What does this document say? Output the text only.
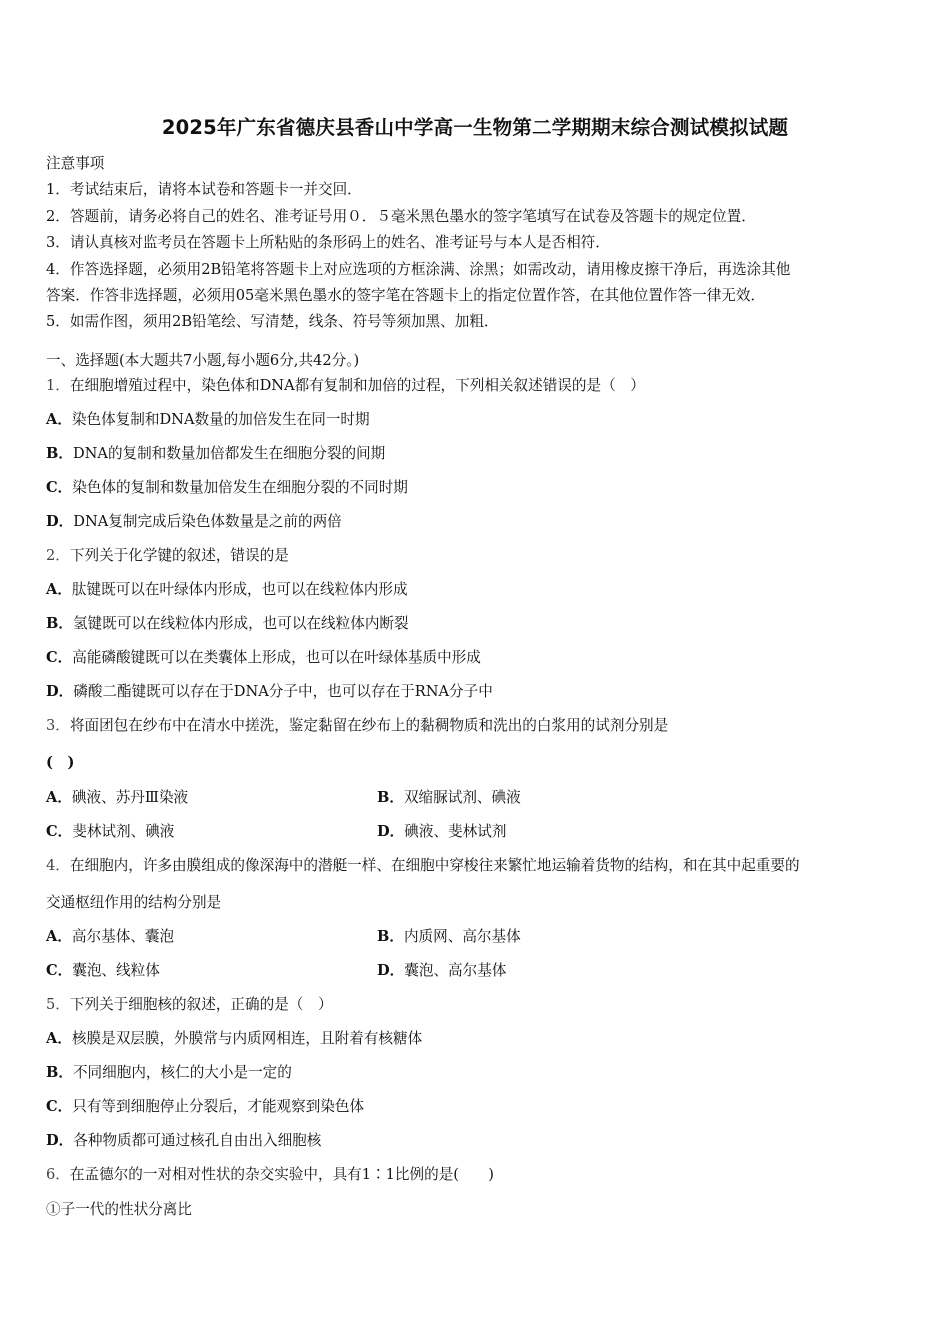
2025年广东省德庆县香山中学高一生物第二学期期末综合测试模拟试题
注意事项
1．考试结束后，请将本试卷和答题卡一并交回．
2．答题前，请务必将自己的姓名、准考证号用０．５毫米黑色墨水的签字笔填写在试卷及答题卡的规定位置．
3．请认真核对监考员在答题卡上所粘贴的条形码上的姓名、准考证号与本人是否相符．
4．作答选择题，必须用2B铅笔将答题卡上对应选项的方框涂满、涂黑；如需改动，请用橡皮擦干净后，再选涂其他
答案．作答非选择题，必须用05毫米黑色墨水的签字笔在答题卡上的指定位置作答，在其他位置作答一律无效．
5．如需作图，须用2B铅笔绘、写清楚，线条、符号等须加黑、加粗．
一、选择题(本大题共7小题,每小题6分,共42分。)
1．在细胞增殖过程中，染色体和DNA都有复制和加倍的过程，下列相关叙述错误的是（　）
A．染色体复制和DNA数量的加倍发生在同一时期
B．DNA的复制和数量加倍都发生在细胞分裂的间期
C．染色体的复制和数量加倍发生在细胞分裂的不同时期
D．DNA复制完成后染色体数量是之前的两倍
2．下列关于化学键的叙述，错误的是
A．肽键既可以在叶绿体内形成，也可以在线粒体内形成
B．氢键既可以在线粒体内形成，也可以在线粒体内断裂
C．高能磷酸键既可以在类囊体上形成，也可以在叶绿体基质中形成
D．磷酸二酯键既可以存在于DNA分子中，也可以存在于RNA分子中
3．将面团包在纱布中在清水中搓洗，鉴定黏留在纱布上的黏稠物质和洗出的白浆用的试剂分别是
(　)
A．碘液、苏丹Ⅲ染液	B．双缩脲试剂、碘液
C．斐林试剂、碘液	D．碘液、斐林试剂
4．在细胞内，许多由膜组成的像深海中的潜艇一样、在细胞中穿梭往来繁忙地运输着货物的结构，和在其中起重要的
交通枢纽作用的结构分别是
A．高尔基体、囊泡	B．内质网、高尔基体
C．囊泡、线粒体	D．囊泡、高尔基体
5．下列关于细胞核的叙述，正确的是（　）
A．核膜是双层膜，外膜常与内质网相连，且附着有核糖体
B．不同细胞内，核仁的大小是一定的
C．只有等到细胞停止分裂后，才能观察到染色体
D．各种物质都可通过核孔自由出入细胞核
6．在孟德尔的一对相对性状的杂交实验中，具有1∶1比例的是(　　)
①子一代的性状分离比
